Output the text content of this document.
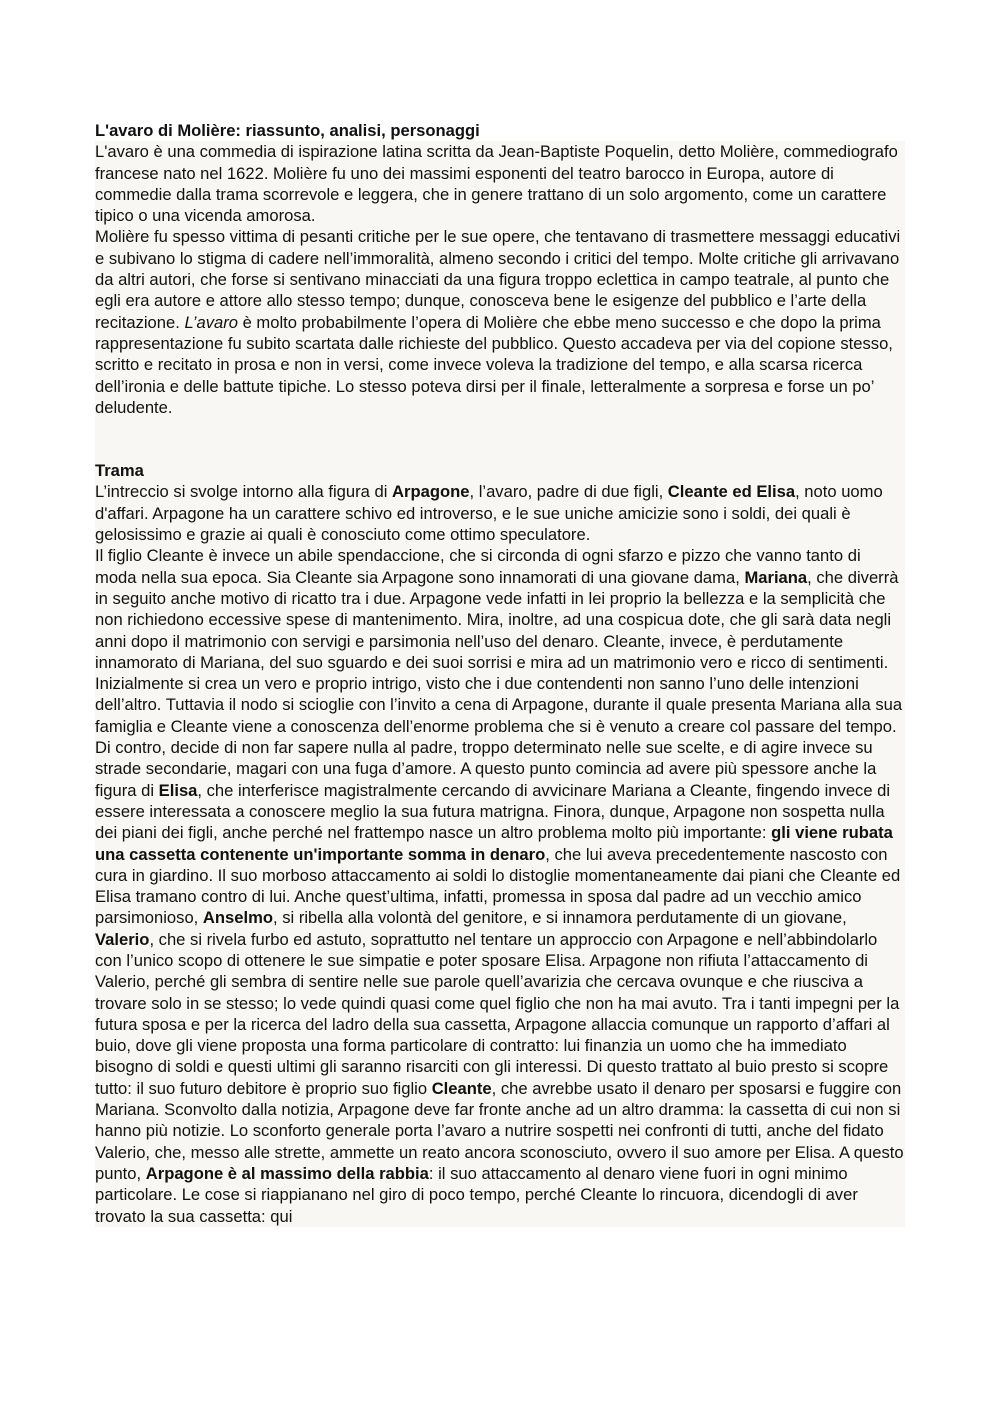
L'avaro di Molière: riassunto, analisi, personaggi

L'avaro è una commedia di ispirazione latina scritta da Jean-Baptiste Poquelin, detto Molière, commediografo francese nato nel 1622. Molière fu uno dei massimi esponenti del teatro barocco in Europa, autore di commedie dalla trama scorrevole e leggera, che in genere trattano di un solo argomento, come un carattere tipico o una vicenda amorosa.

Molière fu spesso vittima di pesanti critiche per le sue opere, che tentavano di trasmettere messaggi educativi e subivano lo stigma di cadere nell’immoralità, almeno secondo i critici del tempo. Molte critiche gli arrivavano da altri autori, che forse si sentivano minacciati da una figura troppo eclettica in campo teatrale, al punto che egli era autore e attore allo stesso tempo; dunque, conosceva bene le esigenze del pubblico e l’arte della recitazione. L’avaro è molto probabilmente l’opera di Molière che ebbe meno successo e che dopo la prima rappresentazione fu subito scartata dalle richieste del pubblico. Questo accadeva per via del copione stesso, scritto e recitato in prosa e non in versi, come invece voleva la tradizione del tempo, e alla scarsa ricerca dell’ironia e delle battute tipiche. Lo stesso poteva dirsi per il finale, letteralmente a sorpresa e forse un po’ deludente.

Trama

L’intreccio si svolge intorno alla figura di Arpagone, l’avaro, padre di due figli, Cleante ed Elisa, noto uomo d'affari. Arpagone ha un carattere schivo ed introverso, e le sue uniche amicizie sono i soldi, dei quali è gelosissimo e grazie ai quali è conosciuto come ottimo speculatore.

Il figlio Cleante è invece un abile spendaccione, che si circonda di ogni sfarzo e pizzo che vanno tanto di moda nella sua epoca. Sia Cleante sia Arpagone sono innamorati di una giovane dama, Mariana, che diverrà in seguito anche motivo di ricatto tra i due. Arpagone vede infatti in lei proprio la bellezza e la semplicità che non richiedono eccessive spese di mantenimento. Mira, inoltre, ad una cospicua dote, che gli sarà data negli anni dopo il matrimonio con servigi e parsimonia nell’uso del denaro. Cleante, invece, è perdutamente innamorato di Mariana, del suo sguardo e dei suoi sorrisi e mira ad un matrimonio vero e ricco di sentimenti. Inizialmente si crea un vero e proprio intrigo, visto che i due contendenti non sanno l’uno delle intenzioni dell’altro. Tuttavia il nodo si scioglie con l’invito a cena di Arpagone, durante il quale presenta Mariana alla sua famiglia e Cleante viene a conoscenza dell’enorme problema che si è venuto a creare col passare del tempo. Di contro, decide di non far sapere nulla al padre, troppo determinato nelle sue scelte, e di agire invece su strade secondarie, magari con una fuga d’amore. A questo punto comincia ad avere più spessore anche la figura di Elisa, che interferisce magistralmente cercando di avvicinare Mariana a Cleante, fingendo invece di essere interessata a conoscere meglio la sua futura matrigna. Finora, dunque, Arpagone non sospetta nulla dei piani dei figli, anche perché nel frattempo nasce un altro problema molto più importante: gli viene rubata una cassetta contenente un'importante somma in denaro, che lui aveva precedentemente nascosto con cura in giardino. Il suo morboso attaccamento ai soldi lo distoglie momentaneamente dai piani che Cleante ed Elisa tramano contro di lui. Anche quest’ultima, infatti, promessa in sposa dal padre ad un vecchio amico parsimonioso, Anselmo, si ribella alla volontà del genitore, e si innamora perdutamente di un giovane, Valerio, che si rivela furbo ed astuto, soprattutto nel tentare un approccio con Arpagone e nell’abbindolarlo con l’unico scopo di ottenere le sue simpatie e poter sposare Elisa. Arpagone non rifiuta l’attaccamento di Valerio, perché gli sembra di sentire nelle sue parole quell’avarizia che cercava ovunque e che riusciva a trovare solo in se stesso; lo vede quindi quasi come quel figlio che non ha mai avuto. Tra i tanti impegni per la futura sposa e per la ricerca del ladro della sua cassetta, Arpagone allaccia comunque un rapporto d’affari al buio, dove gli viene proposta una forma particolare di contratto: lui finanzia un uomo che ha immediato bisogno di soldi e questi ultimi gli saranno risarciti con gli interessi. Di questo trattato al buio presto si scopre tutto: il suo futuro debitore è proprio suo figlio Cleante, che avrebbe usato il denaro per sposarsi e fuggire con Mariana. Sconvolto dalla notizia, Arpagone deve far fronte anche ad un altro dramma: la cassetta di cui non si hanno più notizie. Lo sconforto generale porta l’avaro a nutrire sospetti nei confronti di tutti, anche del fidato Valerio, che, messo alle strette, ammette un reato ancora sconosciuto, ovvero il suo amore per Elisa. A questo punto, Arpagone è al massimo della rabbia: il suo attaccamento al denaro viene fuori in ogni minimo particolare. Le cose si riappianano nel giro di poco tempo, perché Cleante lo rincuora, dicendogli di aver trovato la sua cassetta: qui
